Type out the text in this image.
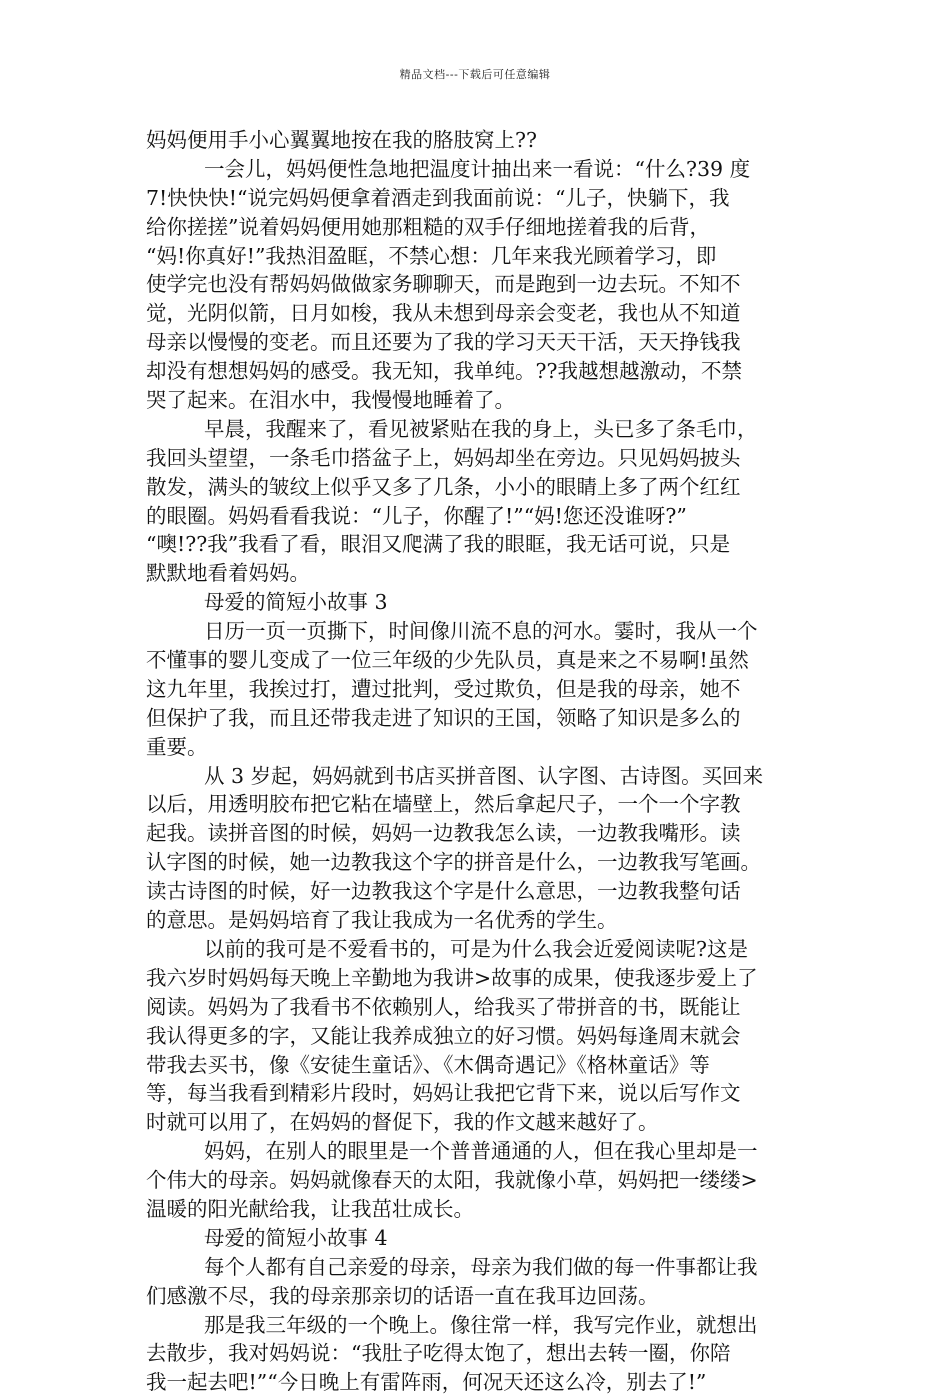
精品文档---下载后可任意编辑
妈妈便用手小心翼翼地按在我的胳肢窝上??
一会儿，妈妈便性急地把温度计抽出来一看说：“什么?39 度
7!快快快!“说完妈妈便拿着酒走到我面前说：“儿子，快躺下，我
给你搓搓”说着妈妈便用她那粗糙的双手仔细地搓着我的后背，
“妈!你真好!”我热泪盈眶，不禁心想：几年来我光顾着学习，即
使学完也没有帮妈妈做做家务聊聊天，而是跑到一边去玩。不知不
觉，光阴似箭，日月如梭，我从未想到母亲会变老，我也从不知道
母亲以慢慢的变老。而且还要为了我的学习天天干活，天天挣钱我
却没有想想妈妈的感受。我无知，我单纯。??我越想越激动，不禁
哭了起来。在泪水中，我慢慢地睡着了。
早晨，我醒来了，看见被紧贴在我的身上，头已多了条毛巾，
我回头望望，一条毛巾搭盆子上，妈妈却坐在旁边。只见妈妈披头
散发，满头的皱纹上似乎又多了几条，小小的眼睛上多了两个红红
的眼圈。妈妈看看我说：“儿子，你醒了!”“妈!您还没谁呀?”
“噢!??我”我看了看，眼泪又爬满了我的眼眶，我无话可说，只是
默默地看着妈妈。
母爱的简短小故事 3
日历一页一页撕下，时间像川流不息的河水。霎时，我从一个
不懂事的婴儿变成了一位三年级的少先队员，真是来之不易啊!虽然
这九年里，我挨过打，遭过批判，受过欺负，但是我的母亲，她不
但保护了我，而且还带我走进了知识的王国，领略了知识是多么的
重要。
从 3 岁起，妈妈就到书店买拼音图、认字图、古诗图。买回来
以后，用透明胶布把它粘在墙壁上，然后拿起尺子，一个一个字教
起我。读拼音图的时候，妈妈一边教我怎么读，一边教我嘴形。读
认字图的时候，她一边教我这个字的拼音是什么，一边教我写笔画。
读古诗图的时候，好一边教我这个字是什么意思，一边教我整句话
的意思。是妈妈培育了我让我成为一名优秀的学生。
以前的我可是不爱看书的，可是为什么我会近爱阅读呢?这是
我六岁时妈妈每天晚上辛勤地为我讲>故事的成果，使我逐步爱上了
阅读。妈妈为了我看书不依赖别人，给我买了带拼音的书，既能让
我认得更多的字，又能让我养成独立的好习惯。妈妈每逢周末就会
带我去买书，像《安徒生童话》、《木偶奇遇记》《格林童话》等
等，每当我看到精彩片段时，妈妈让我把它背下来，说以后写作文
时就可以用了，在妈妈的督促下，我的作文越来越好了。
妈妈，在别人的眼里是一个普普通通的人，但在我心里却是一
个伟大的母亲。妈妈就像春天的太阳，我就像小草，妈妈把一缕缕>
温暖的阳光献给我，让我茁壮成长。
母爱的简短小故事 4
每个人都有自己亲爱的母亲，母亲为我们做的每一件事都让我
们感激不尽，我的母亲那亲切的话语一直在我耳边回荡。
那是我三年级的一个晚上。像往常一样，我写完作业，就想出
去散步，我对妈妈说：“我肚子吃得太饱了，想出去转一圈，你陪
我一起去吧!”“今日晚上有雷阵雨，何况天还这么冷，别去了!”
